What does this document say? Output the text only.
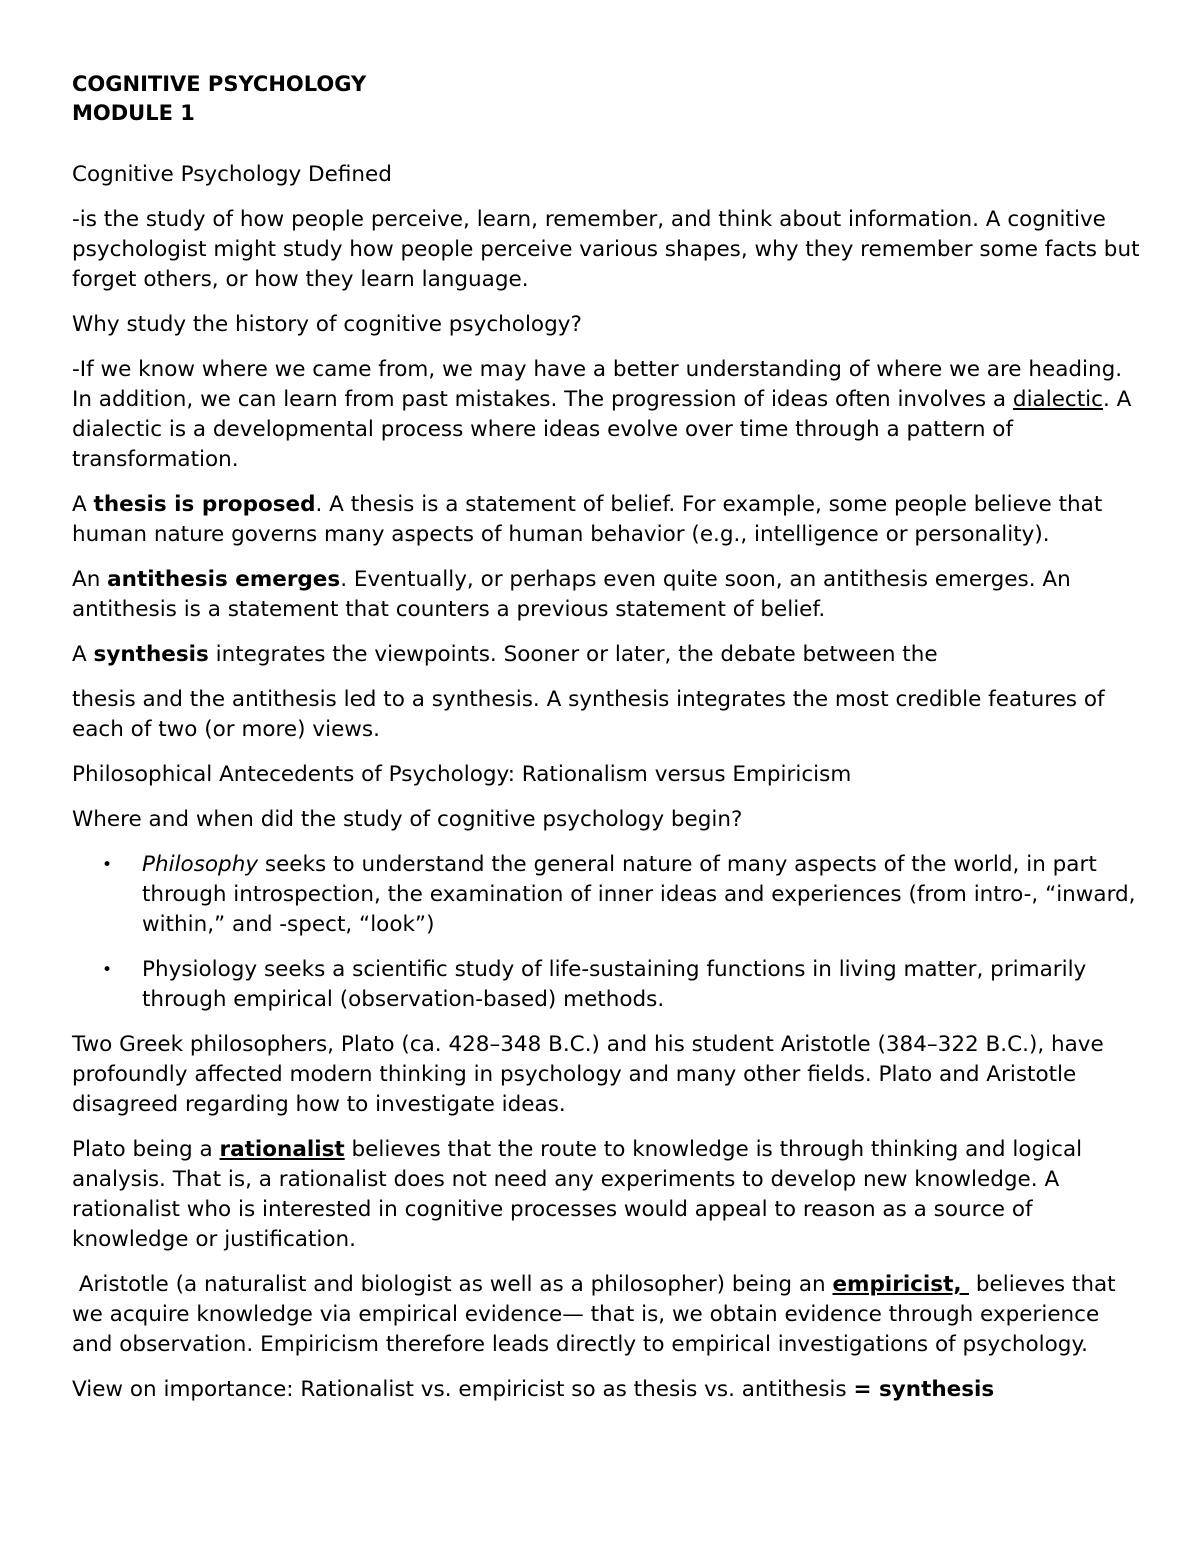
COGNITIVE PSYCHOLOGY
MODULE 1

Cognitive Psychology Defined

-is the study of how people perceive, learn, remember, and think about information. A cognitive psychologist might study how people perceive various shapes, why they remember some facts but forget others, or how they learn language.

Why study the history of cognitive psychology?

-If we know where we came from, we may have a better understanding of where we are heading. In addition, we can learn from past mistakes. The progression of ideas often involves a dialectic. A dialectic is a developmental process where ideas evolve over time through a pattern of transformation.

A thesis is proposed. A thesis is a statement of belief. For example, some people believe that human nature governs many aspects of human behavior (e.g., intelligence or personality).

An antithesis emerges. Eventually, or perhaps even quite soon, an antithesis emerges. An antithesis is a statement that counters a previous statement of belief.

A synthesis integrates the viewpoints. Sooner or later, the debate between the

thesis and the antithesis led to a synthesis. A synthesis integrates the most credible features of each of two (or more) views.

Philosophical Antecedents of Psychology: Rationalism versus Empiricism

Where and when did the study of cognitive psychology begin?

• Philosophy seeks to understand the general nature of many aspects of the world, in part through introspection, the examination of inner ideas and experiences (from intro-, “inward, within,” and -spect, “look”)
• Physiology seeks a scientific study of life-sustaining functions in living matter, primarily through empirical (observation-based) methods.

Two Greek philosophers, Plato (ca. 428–348 B.C.) and his student Aristotle (384–322 B.C.), have profoundly affected modern thinking in psychology and many other fields. Plato and Aristotle disagreed regarding how to investigate ideas.

Plato being a rationalist believes that the route to knowledge is through thinking and logical analysis. That is, a rationalist does not need any experiments to develop new knowledge. A rationalist who is interested in cognitive processes would appeal to reason as a source of knowledge or justification.

Aristotle (a naturalist and biologist as well as a philosopher) being an empiricist,  believes that we acquire knowledge via empirical evidence— that is, we obtain evidence through experience and observation. Empiricism therefore leads directly to empirical investigations of psychology.

View on importance: Rationalist vs. empiricist so as thesis vs. antithesis = synthesis
